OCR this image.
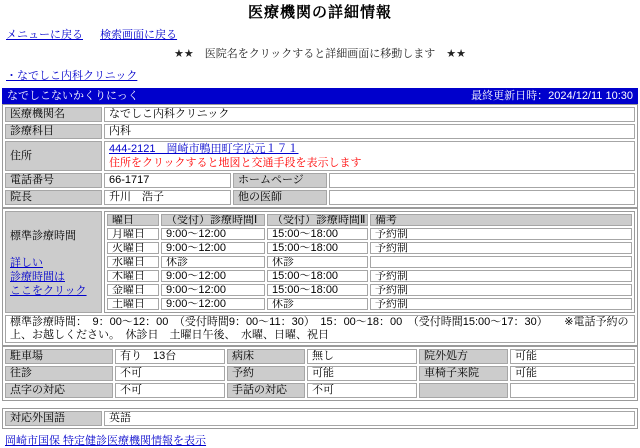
医療機関の詳細情報
メニューに戻る 検索画面に戻る
★★　医院名をクリックすると詳細画面に移動します　★★
・なでしこ内科クリニック
なでしこないかくりにっく	最終更新日時：2024/12/11 10:30
医療機関名	なでしこ内科クリニック		
診療科目	内科		
住所	444-2121　岡崎市鴨田町字広元１７１
住所をクリックすると地図と交通手段を表示します		
電話番号	66-1717	ホームページ	
院長	升川　浩子	他の医師	
標準診療時間
詳しい
診療時間は
ここをクリック

曜日	（受付）診療時間Ⅰ	（受付）診療時間Ⅱ	備考
月曜日	9:00～12:00	15:00～18:00	予約制
火曜日	9:00～12:00	15:00～18:00	予約制
水曜日	休診	休診	
木曜日	9:00～12:00	15:00～18:00	予約制
金曜日	9:00～12:00	15:00～18:00	予約制
土曜日	9:00～12:00	休診	予約制

標準診療時間：　9：00～12：00　（受付時間9：00～11：30）　15：00～18：00　（受付時間15:00～17：30）　　※電話予約の上、お越しください。　休診日　土曜日午後、　水曜、日曜、祝日
駐車場	有り　13台	病床	無し	院外処方	可能
往診	不可	予約	可能	車椅子来院	可能
点字の対応	不可	手話の対応	不可		
対応外国語	英語
岡崎市国保 特定健診医療機関情報を表示
